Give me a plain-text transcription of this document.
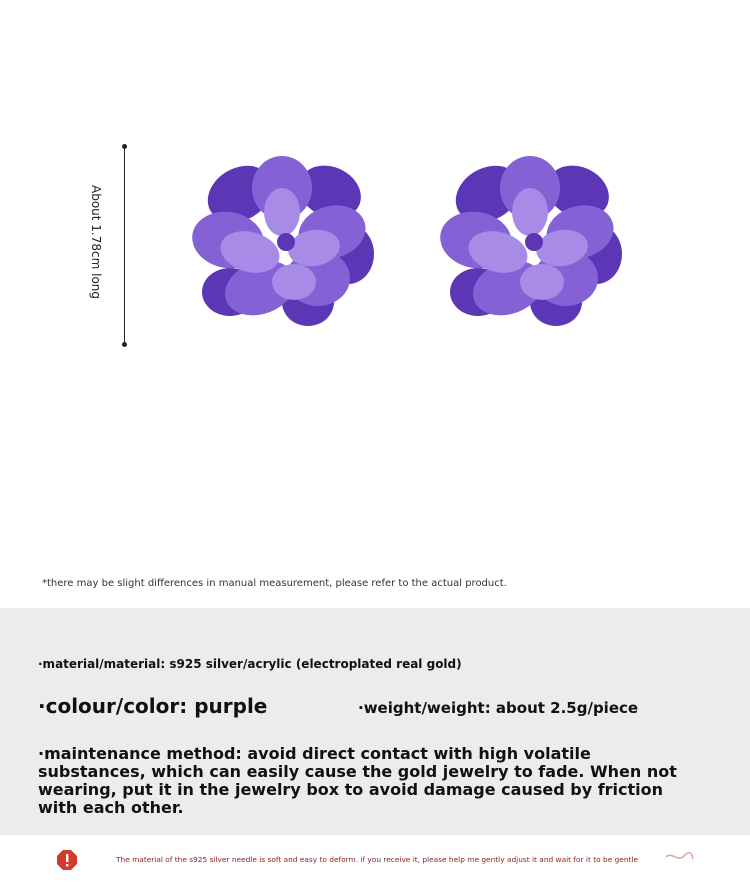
About 1.78cm long
*there may be slight differences in manual measurement, please refer to the actual product.
·material/material: s925 silver/acrylic (electroplated real gold)
·colour/color: purple	·weight/weight: about 2.5g/piece
·maintenance method: avoid direct contact with high volatile substances, which can easily cause the gold jewelry to fade. When not wearing, put it in the jewelry box to avoid damage caused by friction with each other.
The material of the s925 silver needle is soft and easy to deform. if you receive it, please help me gently adjust it and wait for it to be gentle
